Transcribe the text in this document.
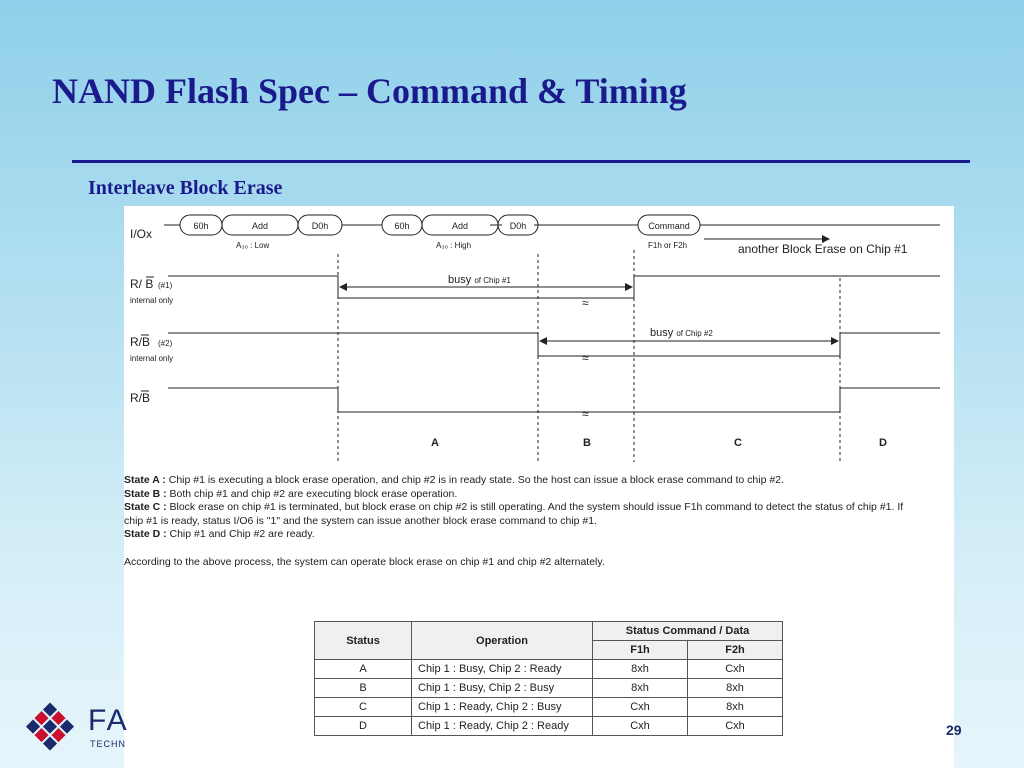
NAND Flash Spec – Command & Timing
Interleave Block Erase
I/Ox
60h	Add	D0h	60h	Add	D0h	Command
A₃₀ : Low	A₃₀ : High	F1h or F2h	another Block Erase on Chip #1
R/ B (#1)
internal only
busy of Chip #1
≈
R/B (#2)
internal only
busy of Chip #2
≈
R/B
≈
A	B	C	D

State A : Chip #1 is executing a block erase operation, and chip #2 is in ready state. So the host can issue a block erase command to chip #2.

State B : Both chip #1 and chip #2 are executing block erase operation.

State C : Block erase on chip #1 is terminated, but block erase on chip #2 is still operating. And the system should issue F1h command to detect the status of chip #1. If

chip #1 is ready, status I/O6 is "1" and the system can issue another block erase command to chip #1.

State D : Chip #1 and Chip #2 are ready.

According to the above process, the system can operate block erase on chip #1 and chip #2 alternately.

Status	Operation	Status Command / Data	
		F1h	F2h
A	Chip 1 : Busy, Chip 2 : Ready	8xh	Cxh
B	Chip 1 : Busy, Chip 2 : Busy	8xh	8xh
C	Chip 1 : Ready, Chip 2 : Busy	Cxh	8xh
D	Chip 1 : Ready, Chip 2 : Ready	Cxh	Cxh
FA
TECHN
29
